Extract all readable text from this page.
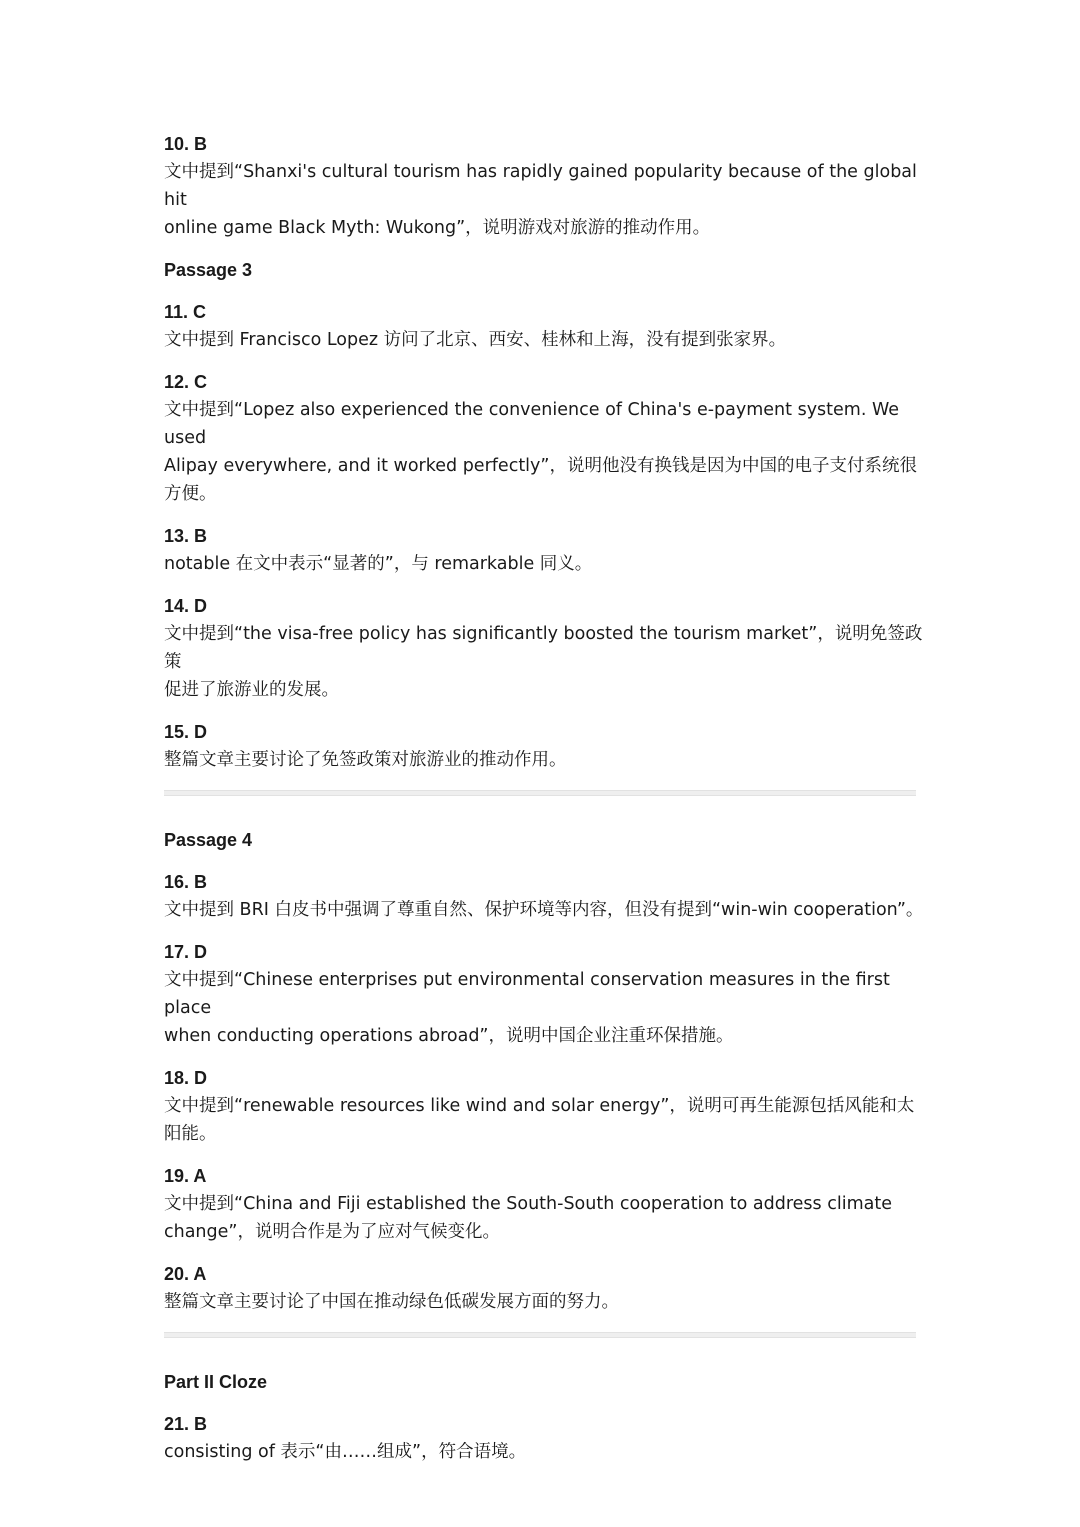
10. B

文中提到“Shanxi's cultural tourism has rapidly gained popularity because of the global hit
online game Black Myth: Wukong”，说明游戏对旅游的推动作用。

Passage 3

11. C

文中提到 Francisco Lopez 访问了北京、西安、桂林和上海，没有提到张家界。

12. C

文中提到“Lopez also experienced the convenience of China's e-payment system. We used
Alipay everywhere, and it worked perfectly”，说明他没有换钱是因为中国的电子支付系统很
方便。

13. B

notable 在文中表示“显著的”，与 remarkable 同义。

14. D

文中提到“the visa-free policy has significantly boosted the tourism market”，说明免签政策
促进了旅游业的发展。

15. D

整篇文章主要讨论了免签政策对旅游业的推动作用。

Passage 4

16. B

文中提到 BRI 白皮书中强调了尊重自然、保护环境等内容，但没有提到“win-win cooperation”。

17. D

文中提到“Chinese enterprises put environmental conservation measures in the first place
when conducting operations abroad”，说明中国企业注重环保措施。

18. D

文中提到“renewable resources like wind and solar energy”，说明可再生能源包括风能和太
阳能。

19. A

文中提到“China and Fiji established the South-South cooperation to address climate
change”，说明合作是为了应对气候变化。

20. A

整篇文章主要讨论了中国在推动绿色低碳发展方面的努力。

Part II Cloze

21. B

consisting of 表示“由……组成”，符合语境。
